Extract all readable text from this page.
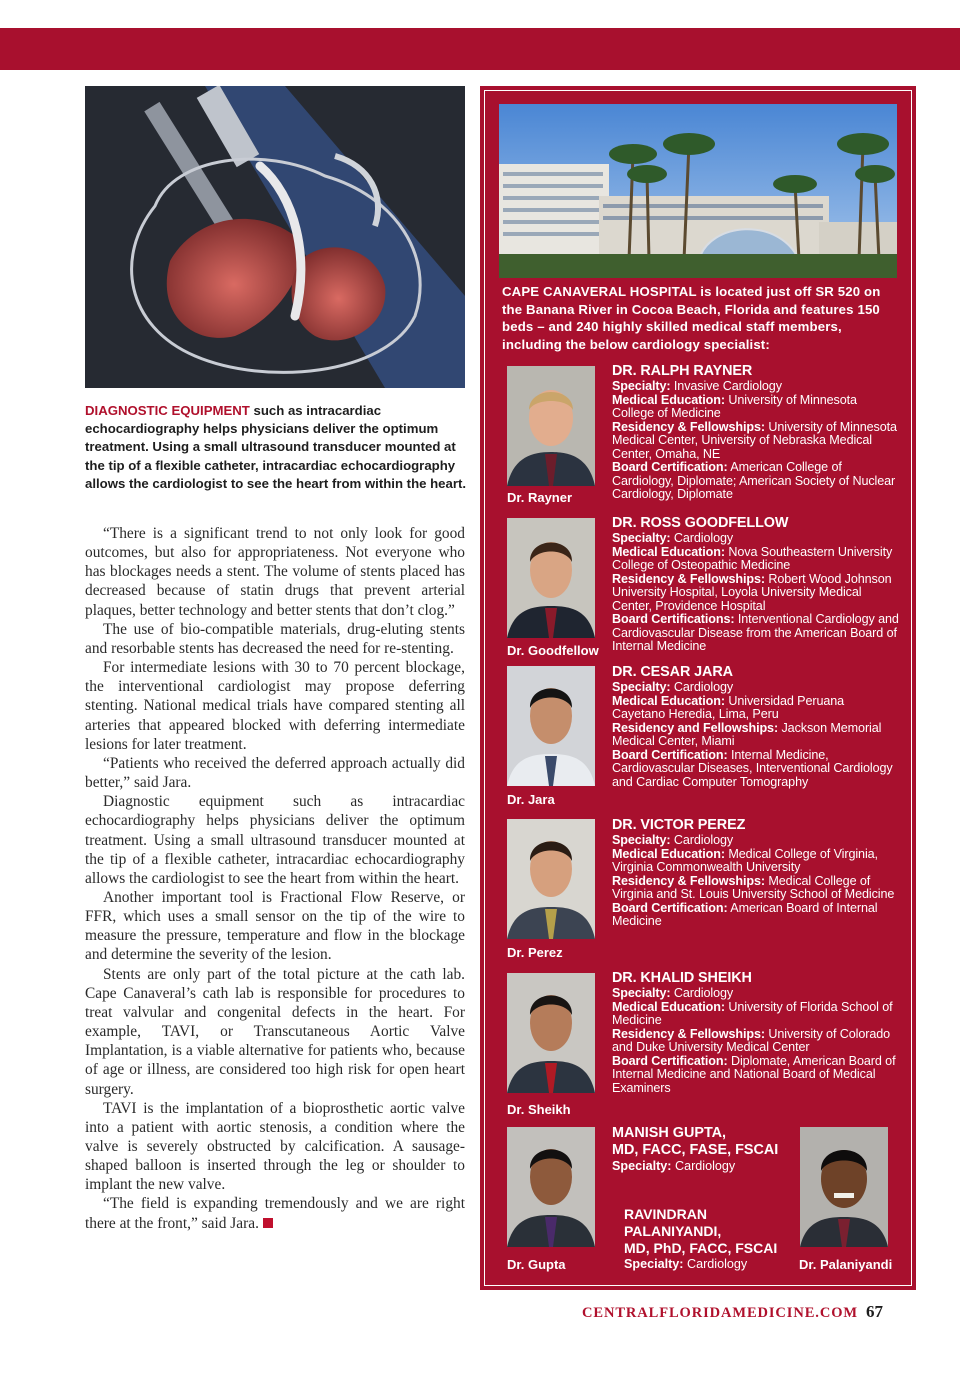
DIAGNOSTIC EQUIPMENT such as intracardiac echocardiography helps physicians deliver the optimum treatment. Using a small ultrasound transducer mounted at the tip of a flexible catheter, intracardiac echocardiography allows the cardiologist to see the heart from within the heart.

“There is a significant trend to not only look for good outcomes, but also for appropriateness. Not everyone who has blockages needs a stent. The volume of stents placed has decreased because of statin drugs that prevent arterial plaques, better technology and better stents that don’t clog.”

The use of bio-compatible materials, drug-eluting stents and resorbable stents has decreased the need for re-stenting.

For intermediate lesions with 30 to 70 percent blockage, the interventional cardiologist may propose deferring stenting. National medical trials have compared stenting all arteries that appeared blocked with deferring intermediate lesions for later treatment.

“Patients who received the deferred approach actually did better,” said Jara.

Diagnostic equipment such as intracardiac echocardiography helps physicians deliver the optimum treatment. Using a small ultrasound transducer mounted at the tip of a flexible catheter, intracardiac echocardiography allows the cardiologist to see the heart from within the heart.

Another important tool is Fractional Flow Reserve, or FFR, which uses a small sensor on the tip of the wire to measure the pressure, temperature and flow in the blockage and determine the severity of the lesion.

Stents are only part of the total picture at the cath lab. Cape Canaveral’s cath lab is responsible for procedures to treat valvular and congenital defects in the heart. For example, TAVI, or Transcutaneous Aortic Valve Implantation, is a viable alternative for patients who, because of age or illness, are considered too high risk for open heart surgery.

TAVI is the implantation of a bioprosthetic aortic valve into a patient with aortic stenosis, a condition where the valve is severely obstructed by calcification. A sausage-shaped balloon is inserted through the leg or shoulder to implant the new valve.

“The field is expanding tremendously and we are right there at the front,” said Jara.

CAPE CANAVERAL HOSPITAL is located just off SR 520 on the Banana River in Cocoa Beach, Florida and features 150 beds – and 240 highly skilled medical staff members, including the below cardiology specialist:
Dr. Rayner
DR. RALPH RAYNER
Specialty: Invasive Cardiology
Medical Education: University of Minnesota College of Medicine
Residency & Fellowships: University of Minnesota Medical Center, University of Nebraska Medical Center, Omaha, NE
Board Certification: American College of Cardiology, Diplomate; American Society of Nuclear Cardiology, Diplomate
Dr. Goodfellow
DR. ROSS GOODFELLOW
Specialty: Cardiology
Medical Education: Nova Southeastern University College of Osteopathic Medicine
Residency & Fellowships: Robert Wood Johnson University Hospital, Loyola University Medical Center, Providence Hospital
Board Certifications: Interventional Cardiology and Cardiovascular Disease from the American Board of Internal Medicine
Dr. Jara
DR. CESAR JARA
Specialty: Cardiology
Medical Education: Universidad Peruana Cayetano Heredia, Lima, Peru
Residency and Fellowships: Jackson Memorial Medical Center, Miami
Board Certification: Internal Medicine, Cardiovascular Diseases, Interventional Cardiology and Cardiac Computer Tomography
Dr. Perez
DR. VICTOR PEREZ
Specialty: Cardiology
Medical Education: Medical College of Virginia, Virginia Commonwealth University
Residency & Fellowships: Medical College of Virginia and St. Louis University School of Medicine
Board Certification: American Board of Internal Medicine
Dr. Sheikh
DR. KHALID SHEIKH
Specialty: Cardiology
Medical Education: University of Florida School of Medicine
Residency & Fellowships: University of Colorado and Duke University Medical Center
Board Certification: Diplomate, American Board of Internal Medicine and National Board of Medical Examiners
Dr. Gupta
MANISH GUPTA,
MD, FACC, FASE, FSCAI
Specialty: Cardiology
Dr. Palaniyandi
RAVINDRAN PALANIYANDI,
MD, PhD, FACC, FSCAI
Specialty: Cardiology
CENTRALFLORIDAMEDICINE.COM 67
